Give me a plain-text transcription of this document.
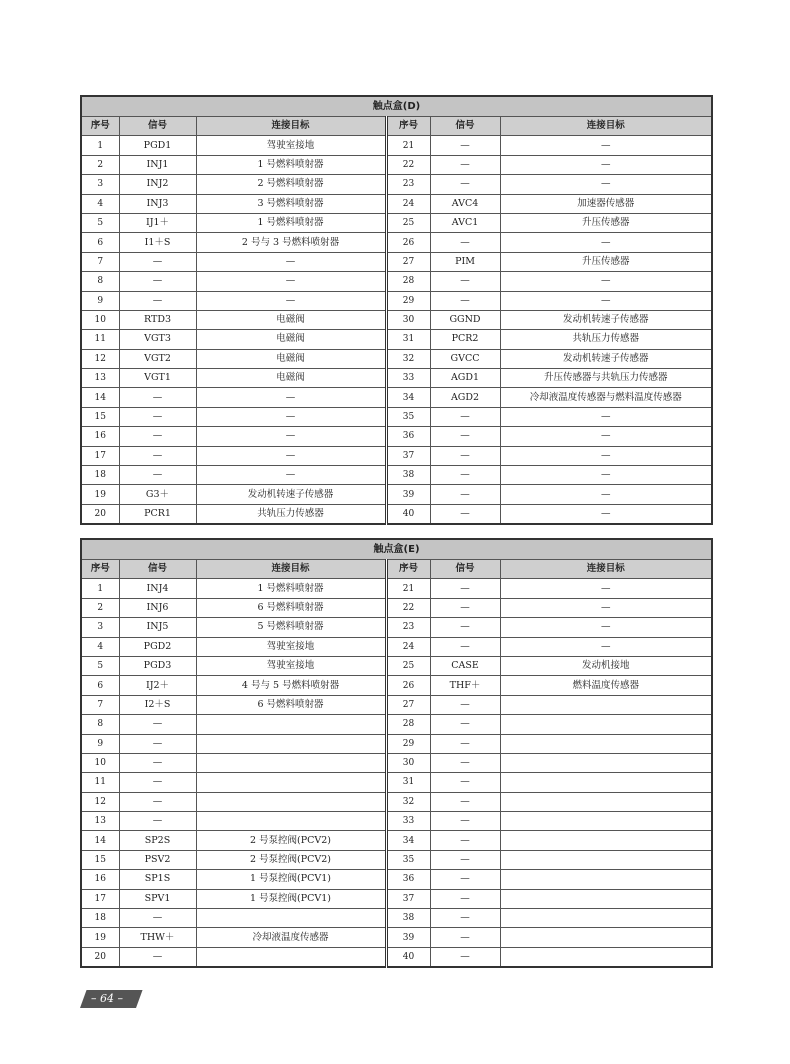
触点盒(D)					
序号	信号	连接目标	序号	信号	连接目标
1	PGD1	驾驶室接地	21	—	—
2	INJ1	1 号燃料喷射器	22	—	—
3	INJ2	2 号燃料喷射器	23	—	—
4	INJ3	3 号燃料喷射器	24	AVC4	加速器传感器
5	IJ1＋	1 号燃料喷射器	25	AVC1	升压传感器
6	I1＋S	2 号与 3 号燃料喷射器	26	—	—
7	—	—	27	PIM	升压传感器
8	—	—	28	—	—
9	—	—	29	—	—
10	RTD3	电磁阀	30	GGND	发动机转速子传感器
11	VGT3	电磁阀	31	PCR2	共轨压力传感器
12	VGT2	电磁阀	32	GVCC	发动机转速子传感器
13	VGT1	电磁阀	33	AGD1	升压传感器与共轨压力传感器
14	—	—	34	AGD2	冷却液温度传感器与燃料温度传感器
15	—	—	35	—	—
16	—	—	36	—	—
17	—	—	37	—	—
18	—	—	38	—	—
19	G3＋	发动机转速子传感器	39	—	—
20	PCR1	共轨压力传感器	40	—	—
触点盒(E)					
序号	信号	连接目标	序号	信号	连接目标
1	INJ4	1 号燃料喷射器	21	—	—
2	INJ6	6 号燃料喷射器	22	—	—
3	INJ5	5 号燃料喷射器	23	—	—
4	PGD2	驾驶室接地	24	—	—
5	PGD3	驾驶室接地	25	CASE	发动机接地
6	IJ2＋	4 号与 5 号燃料喷射器	26	THF＋	燃料温度传感器
7	I2＋S	6 号燃料喷射器	27	—	
8	—		28	—	
9	—		29	—	
10	—		30	—	
11	—		31	—	
12	—		32	—	
13	—		33	—	
14	SP2S	2 号泵控阀(PCV2)	34	—	
15	PSV2	2 号泵控阀(PCV2)	35	—	
16	SP1S	1 号泵控阀(PCV1)	36	—	
17	SPV1	1 号泵控阀(PCV1)	37	—	
18	—		38	—	
19	THW＋	冷却液温度传感器	39	—	
20	—		40	—	
– 64 –
